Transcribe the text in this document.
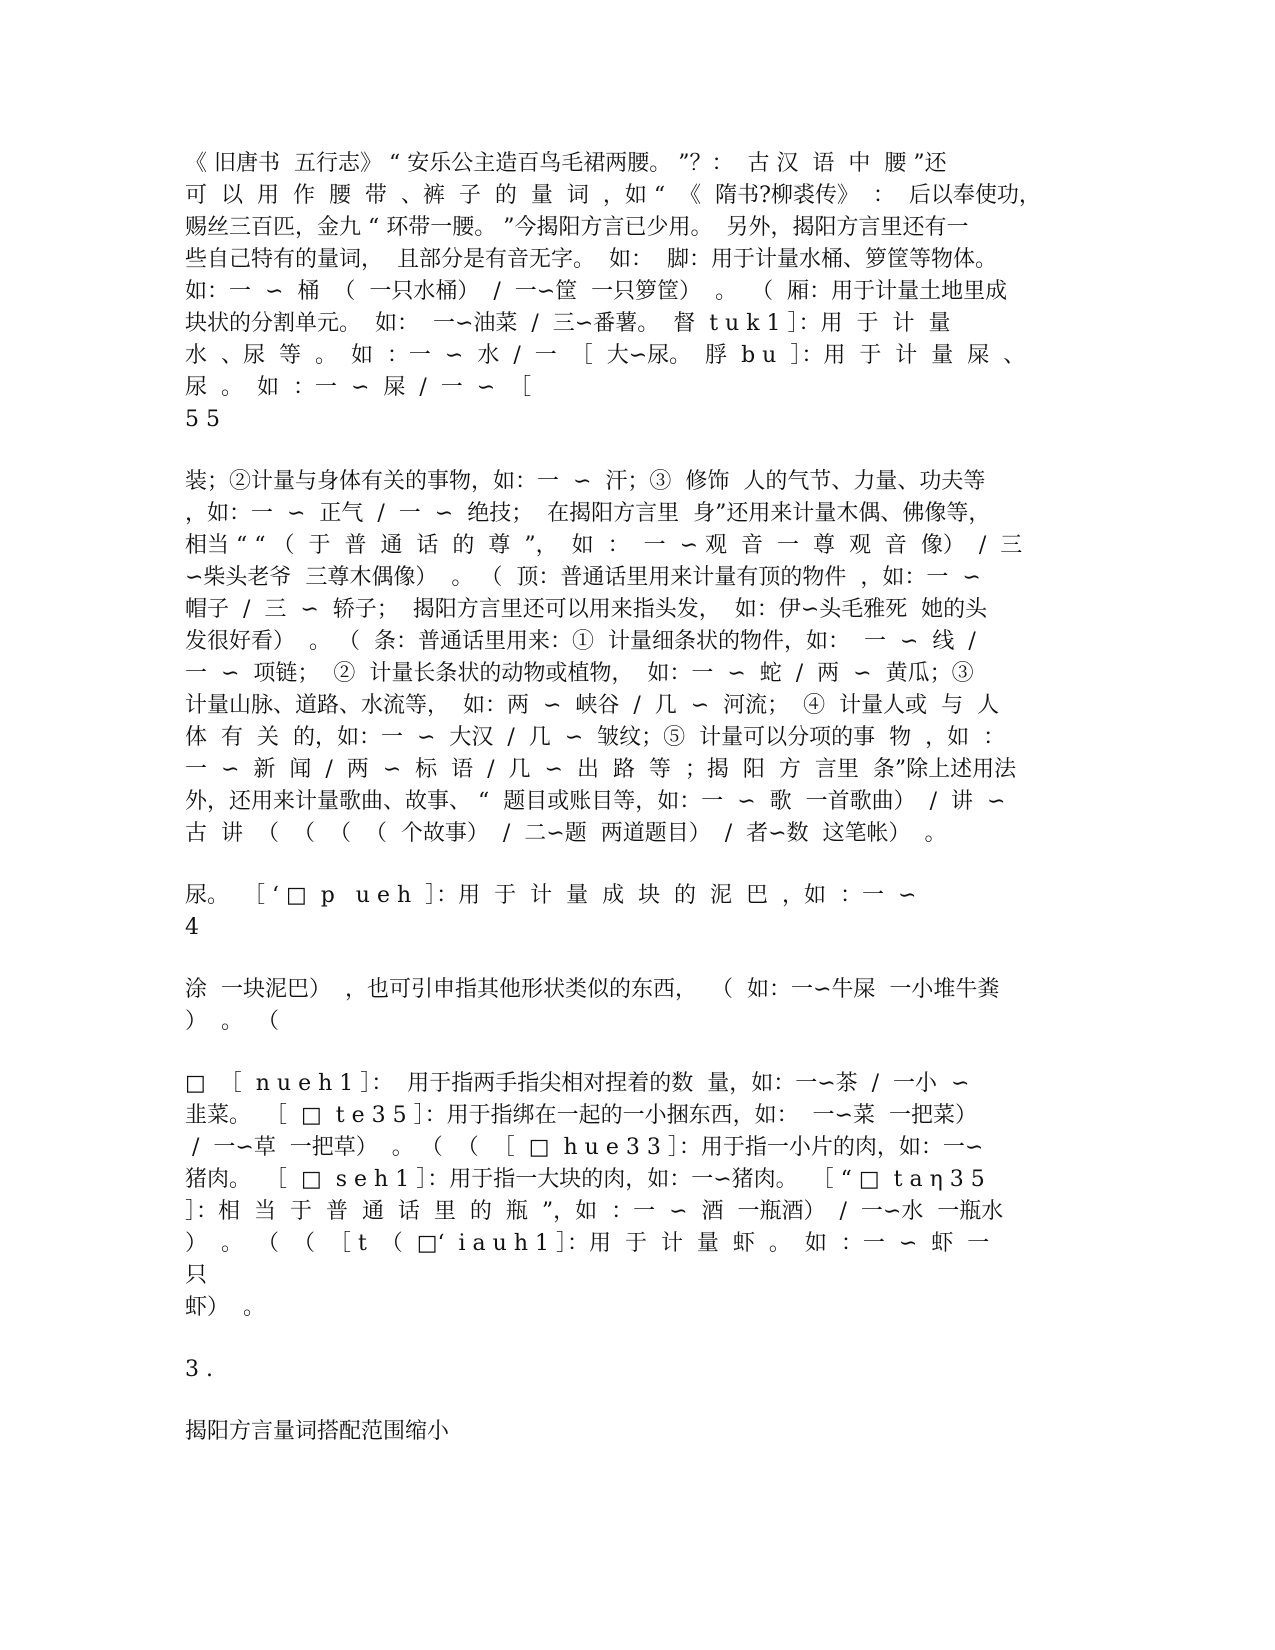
《 旧唐书  五行志》 “ 安乐公主造百鸟毛裙两腰。 ”？：  古 汉  语  中  腰 ”还
可  以  用  作  腰  带  、裤  子  的  量  词  ，如 “  《  隋书?柳裘传》  ：  后以奉使功，
赐丝三百匹，金九 “ 环带一腰。 ”今揭阳方言已少用。  另外，揭阳方言里还有一
些自己特有的量词，  且部分是有音无字。  如：  脚：用于计量水桶、箩筐等物体。
如：一  ∽  桶  （  一只水桶）  /  一∽筐  一只箩筐）  。  （  厢：用于计量土地里成
块状的分割单元。  如：  一∽油菜  /  三∽番薯。  督  t u k 1 ］：用  于  计  量
水  、尿  等  。  如  ：一  ∽  水  /  一  ［  大∽尿。  脬  b u  ］：用  于  计  量  屎  、
尿  。  如  ：一  ∽  屎  /  一  ∽  ［
5 5
装；②计量与身体有关的事物，如：一  ∽  汗；③  修饰  人的气节、力量、功夫等
，如：一  ∽  正气  /  一  ∽  绝技；  在揭阳方言里  身”还用来计量木偶、佛像等，
相当 “ “ （  于  普  通  话  的  尊  ”，  如  ：  一  ∽ 观  音  一  尊  观  音  像）  /  三
∽柴头老爷  三尊木偶像）  。 （  顶：普通话里用来计量有顶的物件  ，如：一  ∽
帽子  /  三  ∽  轿子；  揭阳方言里还可以用来指头发，  如：伊∽头毛雅死  她的头
发很好看）  。 （  条：普通话里用来：①  计量细条状的物件，如：  一  ∽  线  /
一  ∽  项链；  ②  计量长条状的动物或植物，  如：一  ∽  蛇  /  两  ∽  黄瓜；③
计量山脉、道路、水流等，  如：两  ∽  峡谷  /  几  ∽  河流；  ④  计量人或  与  人
体  有  关  的，如：一  ∽  大汉  /  几  ∽  皱纹；⑤  计量可以分项的事  物  ，如  ：
一  ∽  新  闻  /  两  ∽  标  语  /  几  ∽  出  路  等  ；揭  阳  方  言里  条”除上述用法
外，还用来计量歌曲、故事、 “  题目或账目等，如：一  ∽  歌  一首歌曲）  /  讲  ∽
古  讲  （  （  （  （  个故事）  /  二∽题  两道题目）  /  者∽数  这笔帐）  。
尿。  ［ ‘ □  p   u e h  ］：用  于  计  量  成  块  的  泥  巴  ，如  ：一  ∽
4
涂  一块泥巴）  ，也可引申指其他形状类似的东西，  （  如：一∽牛屎  一小堆牛粪
）  。  （
□  ［  n u e h 1 ］：  用于指两手指尖相对捏着的数  量，如：一∽茶  /  一小  ∽
韭菜。  ［  □  t e 3 5 ］：用于指绑在一起的一小捆东西，如：  一∽菜  一把菜）
/  一∽草  一把草）  。 （  （  ［  □  h u e 3 3 ］：用于指一小片的肉，如：一∽
猪肉。  ［  □  s e h 1 ］：用于指一大块的肉，如：一∽猪肉。  ［ “ □  t a η 3 5
］：相  当  于  普  通  话  里  的  瓶  ”，如  ：一  ∽  酒  一瓶酒）  /  一∽水  一瓶水
）  。  （  （  ［ t  （  □‘  i a u h 1 ］：用  于  计  量  虾  。  如  ：一  ∽  虾  一
只
虾）  。
3 .
揭阳方言量词搭配范围缩小
